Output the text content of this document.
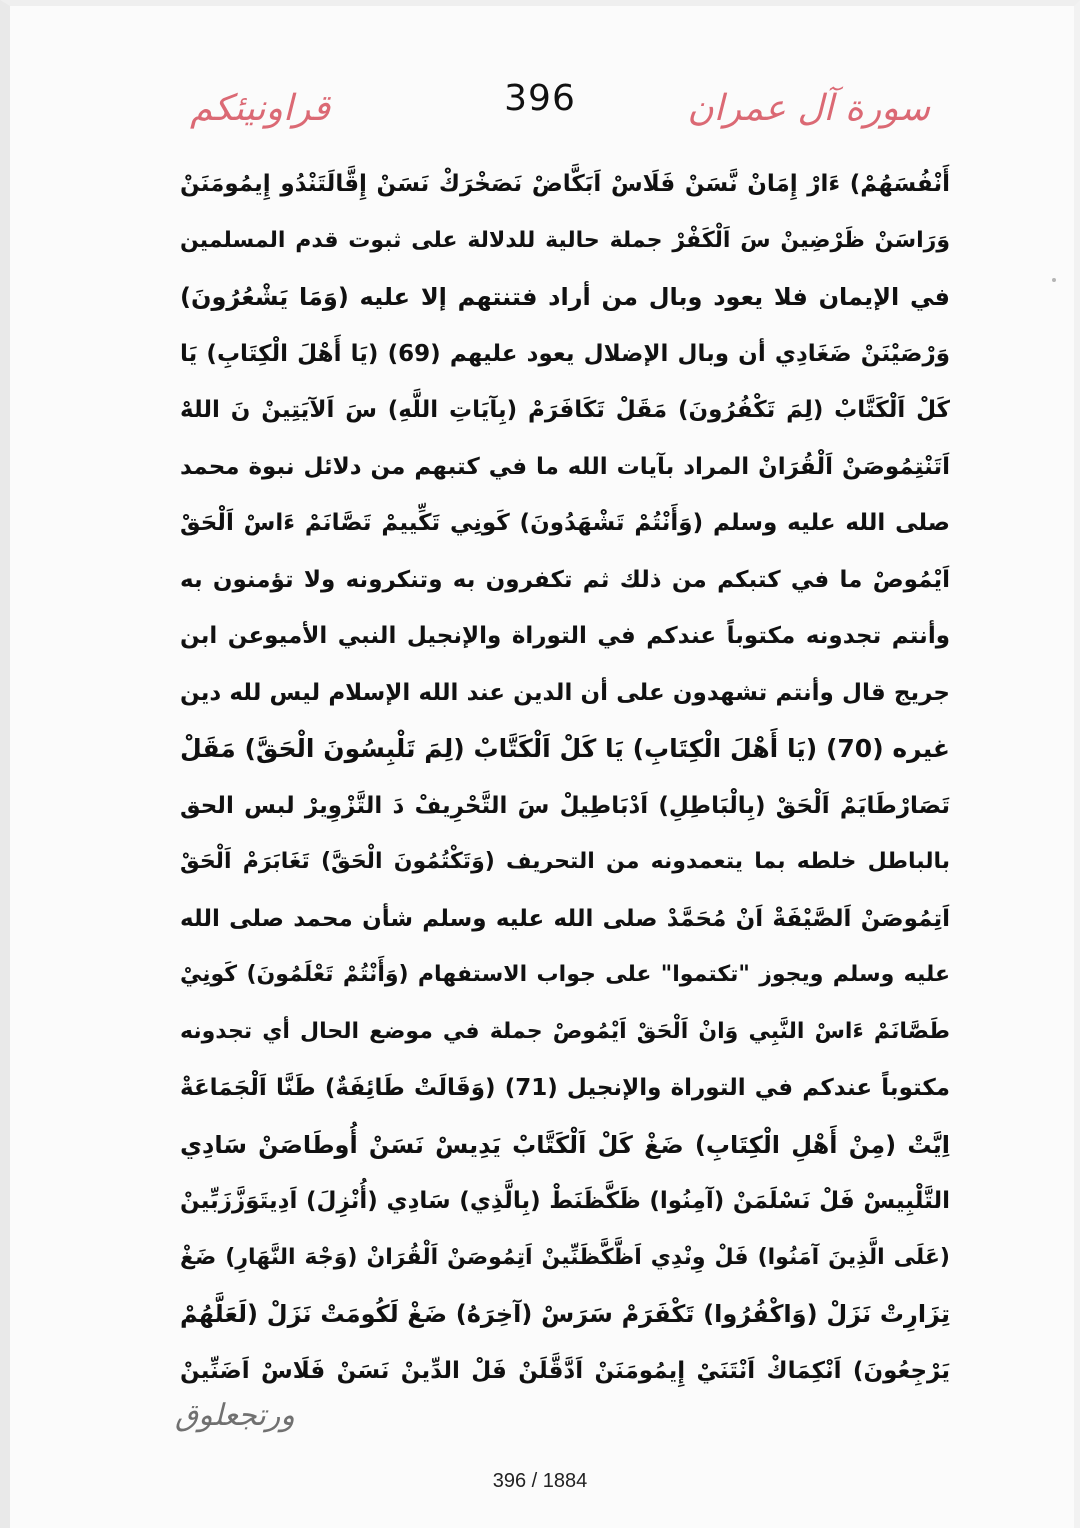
396	سورة آل عمران
قراونيئكم
أَنْفُسَهُمْ) ءَارْ إِمَانْ نَّسَنْ فَلَاسْ اَبَكَّاضْ نَصَخْرَكْ نَسَنْ إِقَّالَتَنْدُو إِيمُومَنَنْ
وَرَاسَنْ ظَرْضِينْ سَ اَلْكَفْرْ جملة حالية للدلالة على ثبوت قدم المسلمين
في الإيمان فلا يعود وبال من أراد فتنتهم إلا عليه (وَمَا يَشْعُرُونَ)
وَرْصَيْنَنْ ضَغَادِي أن وبال الإضلال يعود عليهم (69) (يَا أَهْلَ الْكِتَابِ) يَا
كَلْ اَلْكَتَّابْ (لِمَ تَكْفُرُونَ) مَقَلْ تَكَافَرَمْ (بِآيَاتِ اللَّهِ) سَ اَلآيَتِينْ نَ اللهْ
اَتَنْتِمُوصَنْ اَلْقُرَانْ المراد بآيات الله ما في كتبهم من دلائل نبوة محمد
صلى الله عليه وسلم (وَأَنْتُمْ تَشْهَدُونَ) كَونِي تَكِّييمْ تَصَّانَمْ ءَاسْ اَلْحَقْ
اَيْمُوصْ ما في كتبكم من ذلك ثم تكفرون به وتنكرونه ولا تؤمنون به
وأنتم تجدونه مكتوباً عندكم في التوراة والإنجيل النبي الأميوعن ابن
جريج قال وأنتم تشهدون على أن الدين عند الله الإسلام ليس لله دين
غيره (70) (يَا أَهْلَ الْكِتَابِ) يَا كَلْ اَلْكَتَّابْ (لِمَ تَلْبِسُونَ الْحَقَّ) مَقَلْ
تَصَارْطَايَمْ اَلْحَقْ (بِالْبَاطِلِ) اَدْبَاطِيلْ سَ التَّحْرِيفْ دَ التَّزْوِيرْ لبس الحق
بالباطل خلطه بما يتعمدونه من التحريف (وَتَكْتُمُونَ الْحَقَّ) تَغَابَرَمْ اَلْحَقْ
اَتِمُوصَنْ اَلصَّيْفَةْ اَنْ مُحَمَّدْ صلى الله عليه وسلم شأن محمد صلى الله
عليه وسلم ويجوز "تكتموا" على جواب الاستفهام (وَأَنْتُمْ تَعْلَمُونَ) كَونِيْ
طَصَّانَمْ ءَاسْ النَّبِي وَانْ اَلْحَقْ اَيْمُوصْ جملة في موضع الحال أي تجدونه
مكتوباً عندكم في التوراة والإنجيل (71) (وَقَالَتْ طَائِفَةٌ) طَنَّا اَلْجَمَاعَةْ
اِيَّتْ (مِنْ أَهْلِ الْكِتَابِ) ضَغْ كَلْ اَلْكَتَّابْ يَدِيسْ نَسَنْ أُوطَاصَنْ سَادِي
التَّلْبِيسْ فَلْ نَسْلَمَنْ (آمِنُوا) ظَكَّظَنَطْ (بِالَّذِي) سَادِي (أُنْزِلَ) اَدِيتَوَزَّزَبِّينْ
(عَلَى الَّذِينَ آمَنُوا) فَلْ وِنْدِي اَظَّكَّظَنِّينْ اَتِمُوصَنْ اَلْقُرَانْ (وَجْهَ النَّهَارِ) ضَغْ
تِزَارِتْ نَزَلْ (وَاكْفُرُوا) تَكْفَرَمْ سَرَسْ (آخِرَهُ) ضَغْ لَكُومَتْ نَزَلْ (لَعَلَّهُمْ
يَرْجِعُونَ) اَنْكِمَاكْ اَنْتَنَيْ إِيمُومَنَنْ اَدَّقَّلَنْ فَلْ الدِّينْ نَسَنْ فَلَاسْ اَضَنِّينْ
ورتجعلوق
396 / 1884
